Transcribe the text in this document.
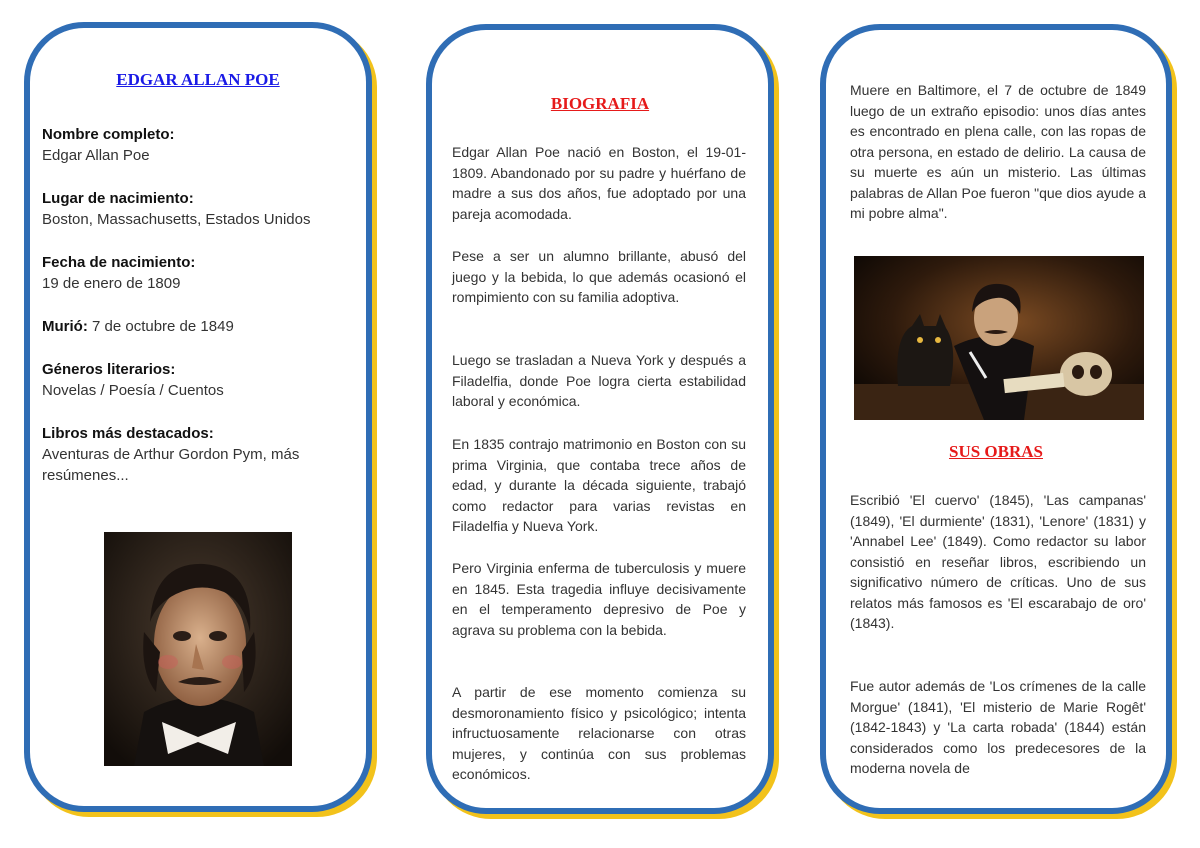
EDGAR ALLAN POE
Nombre completo:
Edgar Allan Poe
Lugar de nacimiento:
Boston, Massachusetts, Estados Unidos
Fecha de nacimiento:
19 de enero de 1809
Murió: 7 de octubre de 1849
Géneros literarios:
Novelas / Poesía / Cuentos
Libros más destacados:
Aventuras de Arthur Gordon Pym, más resúmenes...
BIOGRAFIA

Edgar Allan Poe nació en Boston, el 19-01-1809. Abandonado por su padre y huérfano de madre a sus dos años, fue adoptado por una pareja acomodada.

Pese a ser un alumno brillante, abusó del juego y la bebida, lo que además ocasionó el rompimiento con su familia adoptiva.

Luego se trasladan a Nueva York y después a Filadelfia, donde Poe logra cierta estabilidad laboral y económica.

En 1835 contrajo matrimonio en Boston con su prima Virginia, que contaba trece años de edad, y durante la década siguiente, trabajó como redactor para varias revistas en Filadelfia y Nueva York.

Pero Virginia enferma de tuberculosis y muere en 1845. Esta tragedia influye decisivamente en el temperamento depresivo de Poe y agrava su problema con la bebida.

A partir de ese momento comienza su desmoronamiento físico y psicológico; intenta infructuosamente relacionarse con otras mujeres, y continúa con sus problemas económicos.

Muere en Baltimore, el 7 de octubre de 1849 luego de un extraño episodio: unos días antes es encontrado en plena calle, con las ropas de otra persona, en estado de delirio. La causa de su muerte es aún un misterio. Las últimas palabras de Allan Poe fueron "que dios ayude a mi pobre alma".

SUS OBRAS

Escribió 'El cuervo' (1845), 'Las campanas' (1849), 'El durmiente' (1831), 'Lenore' (1831) y 'Annabel Lee' (1849). Como redactor su labor consistió en reseñar libros, escribiendo un significativo número de críticas. Uno de sus relatos más famosos es 'El escarabajo de oro' (1843).

Fue autor además de 'Los crímenes de la calle Morgue' (1841), 'El misterio de Marie Rogêt' (1842-1843) y 'La carta robada' (1844) están considerados como los predecesores de la moderna novela de
